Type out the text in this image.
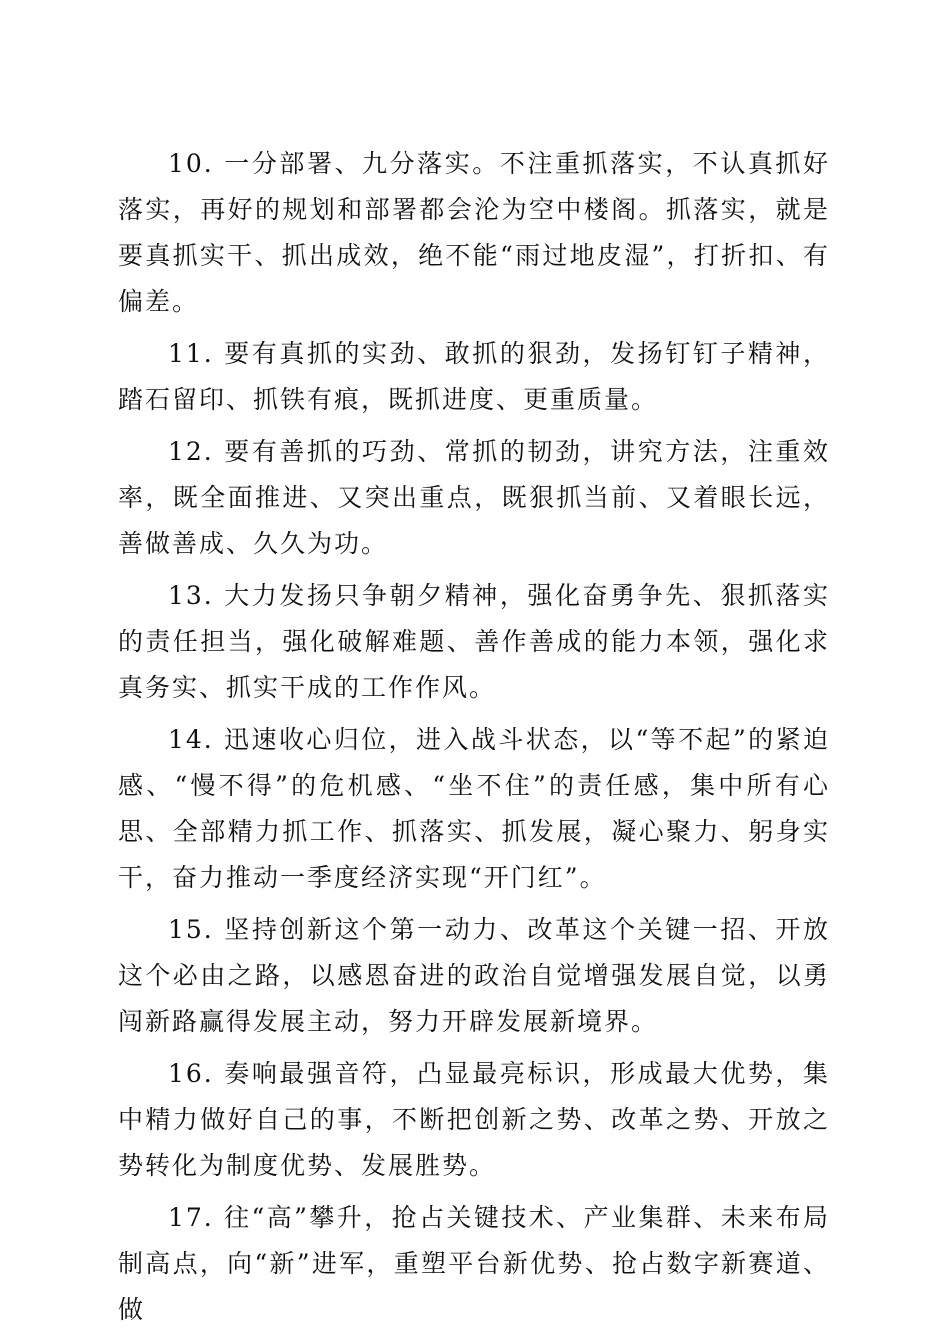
10. 一分部署、九分落实。不注重抓落实，不认真抓好落实，再好的规划和部署都会沦为空中楼阁。抓落实，就是要真抓实干、抓出成效，绝不能“雨过地皮湿”，打折扣、有偏差。

11. 要有真抓的实劲、敢抓的狠劲，发扬钉钉子精神，踏石留印、抓铁有痕，既抓进度、更重质量。

12. 要有善抓的巧劲、常抓的韧劲，讲究方法，注重效率，既全面推进、又突出重点，既狠抓当前、又着眼长远，善做善成、久久为功。

13. 大力发扬只争朝夕精神，强化奋勇争先、狠抓落实的责任担当，强化破解难题、善作善成的能力本领，强化求真务实、抓实干成的工作作风。

14. 迅速收心归位，进入战斗状态，以“等不起”的紧迫感、“慢不得”的危机感、“坐不住”的责任感，集中所有心思、全部精力抓工作、抓落实、抓发展，凝心聚力、躬身实干，奋力推动一季度经济实现“开门红”。

15. 坚持创新这个第一动力、改革这个关键一招、开放这个必由之路，以感恩奋进的政治自觉增强发展自觉，以勇闯新路赢得发展主动，努力开辟发展新境界。

16. 奏响最强音符，凸显最亮标识，形成最大优势，集中精力做好自己的事，不断把创新之势、改革之势、开放之势转化为制度优势、发展胜势。

17. 往“高”攀升，抢占关键技术、产业集群、未来布局制高点，向“新”进军，重塑平台新优势、抢占数字新赛道、做
